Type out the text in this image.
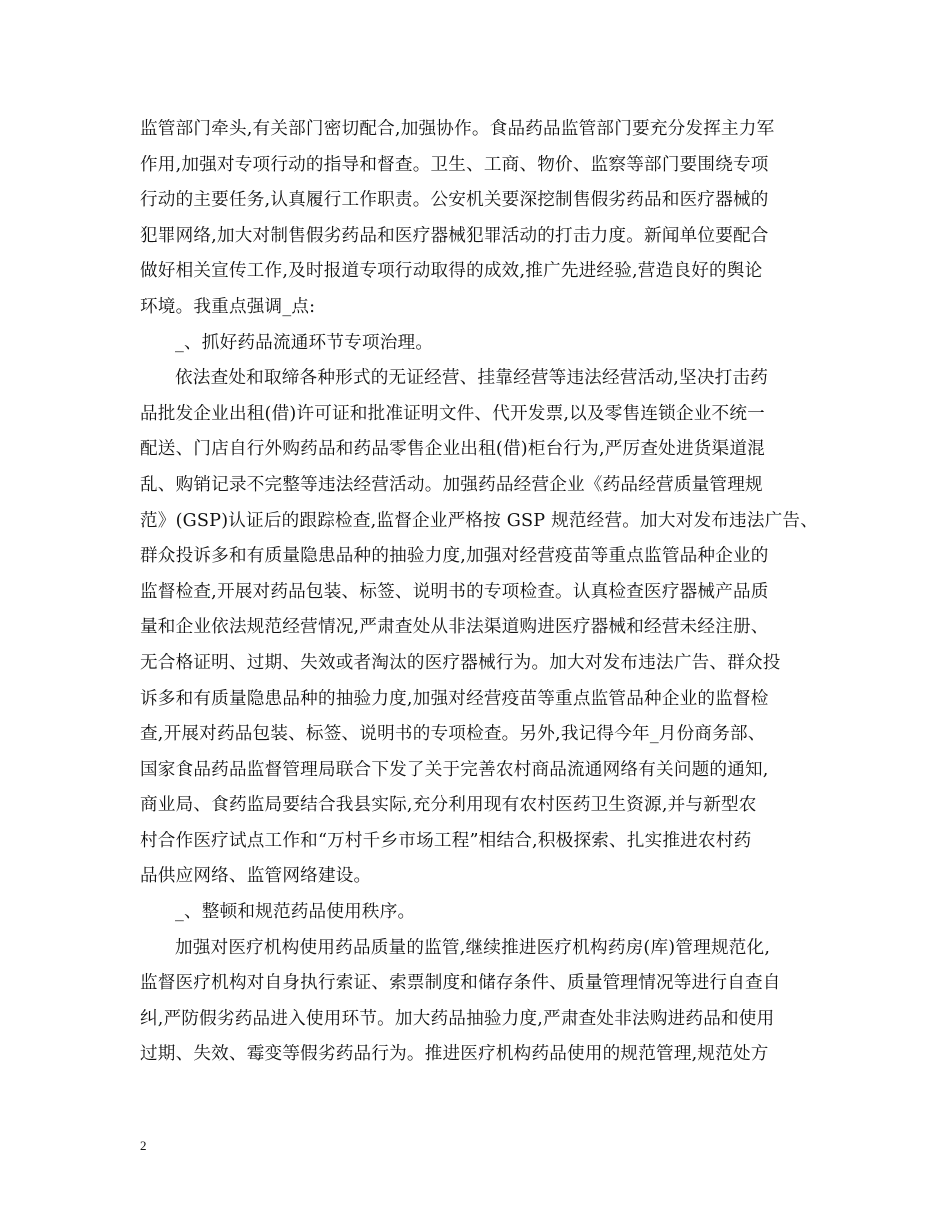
监管部门牵头,有关部门密切配合,加强协作。食品药品监管部门要充分发挥主力军
作用,加强对专项行动的指导和督查。卫生、工商、物价、监察等部门要围绕专项
行动的主要任务,认真履行工作职责。公安机关要深挖制售假劣药品和医疗器械的
犯罪网络,加大对制售假劣药品和医疗器械犯罪活动的打击力度。新闻单位要配合
做好相关宣传工作,及时报道专项行动取得的成效,推广先进经验,营造良好的舆论
环境。我重点强调_点:
_、抓好药品流通环节专项治理。
依法查处和取缔各种形式的无证经营、挂靠经营等违法经营活动,坚决打击药
品批发企业出租(借)许可证和批准证明文件、代开发票,以及零售连锁企业不统一
配送、门店自行外购药品和药品零售企业出租(借)柜台行为,严厉查处进货渠道混
乱、购销记录不完整等违法经营活动。加强药品经营企业《药品经营质量管理规
范》(GSP)认证后的跟踪检查,监督企业严格按 GSP 规范经营。加大对发布违法广告、
群众投诉多和有质量隐患品种的抽验力度,加强对经营疫苗等重点监管品种企业的
监督检查,开展对药品包装、标签、说明书的专项检查。认真检查医疗器械产品质
量和企业依法规范经营情况,严肃查处从非法渠道购进医疗器械和经营未经注册、
无合格证明、过期、失效或者淘汰的医疗器械行为。加大对发布违法广告、群众投
诉多和有质量隐患品种的抽验力度,加强对经营疫苗等重点监管品种企业的监督检
查,开展对药品包装、标签、说明书的专项检查。另外,我记得今年_月份商务部、
国家食品药品监督管理局联合下发了关于完善农村商品流通网络有关问题的通知,
商业局、食药监局要结合我县实际,充分利用现有农村医药卫生资源,并与新型农
村合作医疗试点工作和“万村千乡市场工程”相结合,积极探索、扎实推进农村药
品供应网络、监管网络建设。
_、整顿和规范药品使用秩序。
加强对医疗机构使用药品质量的监管,继续推进医疗机构药房(库)管理规范化,
监督医疗机构对自身执行索证、索票制度和储存条件、质量管理情况等进行自查自
纠,严防假劣药品进入使用环节。加大药品抽验力度,严肃查处非法购进药品和使用
过期、失效、霉变等假劣药品行为。推进医疗机构药品使用的规范管理,规范处方
2
